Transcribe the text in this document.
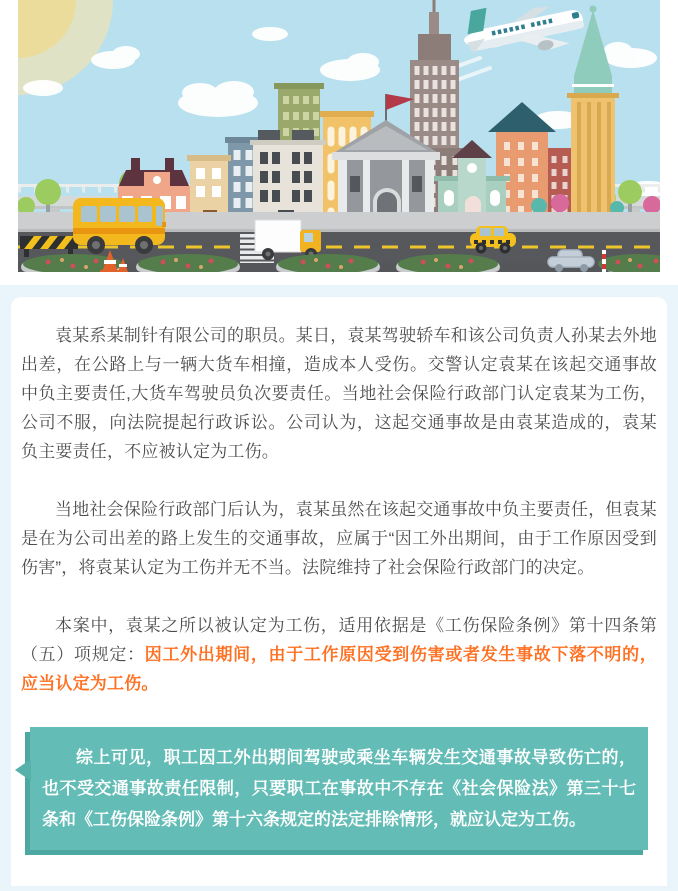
袁某系某制针有限公司的职员。某日，袁某驾驶轿车和该公司负责人孙某去外地出差，在公路上与一辆大货车相撞，造成本人受伤。交警认定袁某在该起交通事故中负主要责任,大货车驾驶员负次要责任。当地社会保险行政部门认定袁某为工伤，公司不服，向法院提起行政诉讼。公司认为，这起交通事故是由袁某造成的，袁某负主要责任，不应被认定为工伤。

当地社会保险行政部门后认为，袁某虽然在该起交通事故中负主要责任，但袁某是在为公司出差的路上发生的交通事故，应属于“因工外出期间，由于工作原因受到伤害”，将袁某认定为工伤并无不当。法院维持了社会保险行政部门的决定。

本案中，袁某之所以被认定为工伤，适用依据是《工伤保险条例》第十四条第（五）项规定：因工外出期间，由于工作原因受到伤害或者发生事故下落不明的，应当认定为工伤。

综上可见，职工因工外出期间驾驶或乘坐车辆发生交通事故导致伤亡的，也不受交通事故责任限制，只要职工在事故中不存在《社会保险法》第三十七条和《工伤保险条例》第十六条规定的法定排除情形，就应认定为工伤。
